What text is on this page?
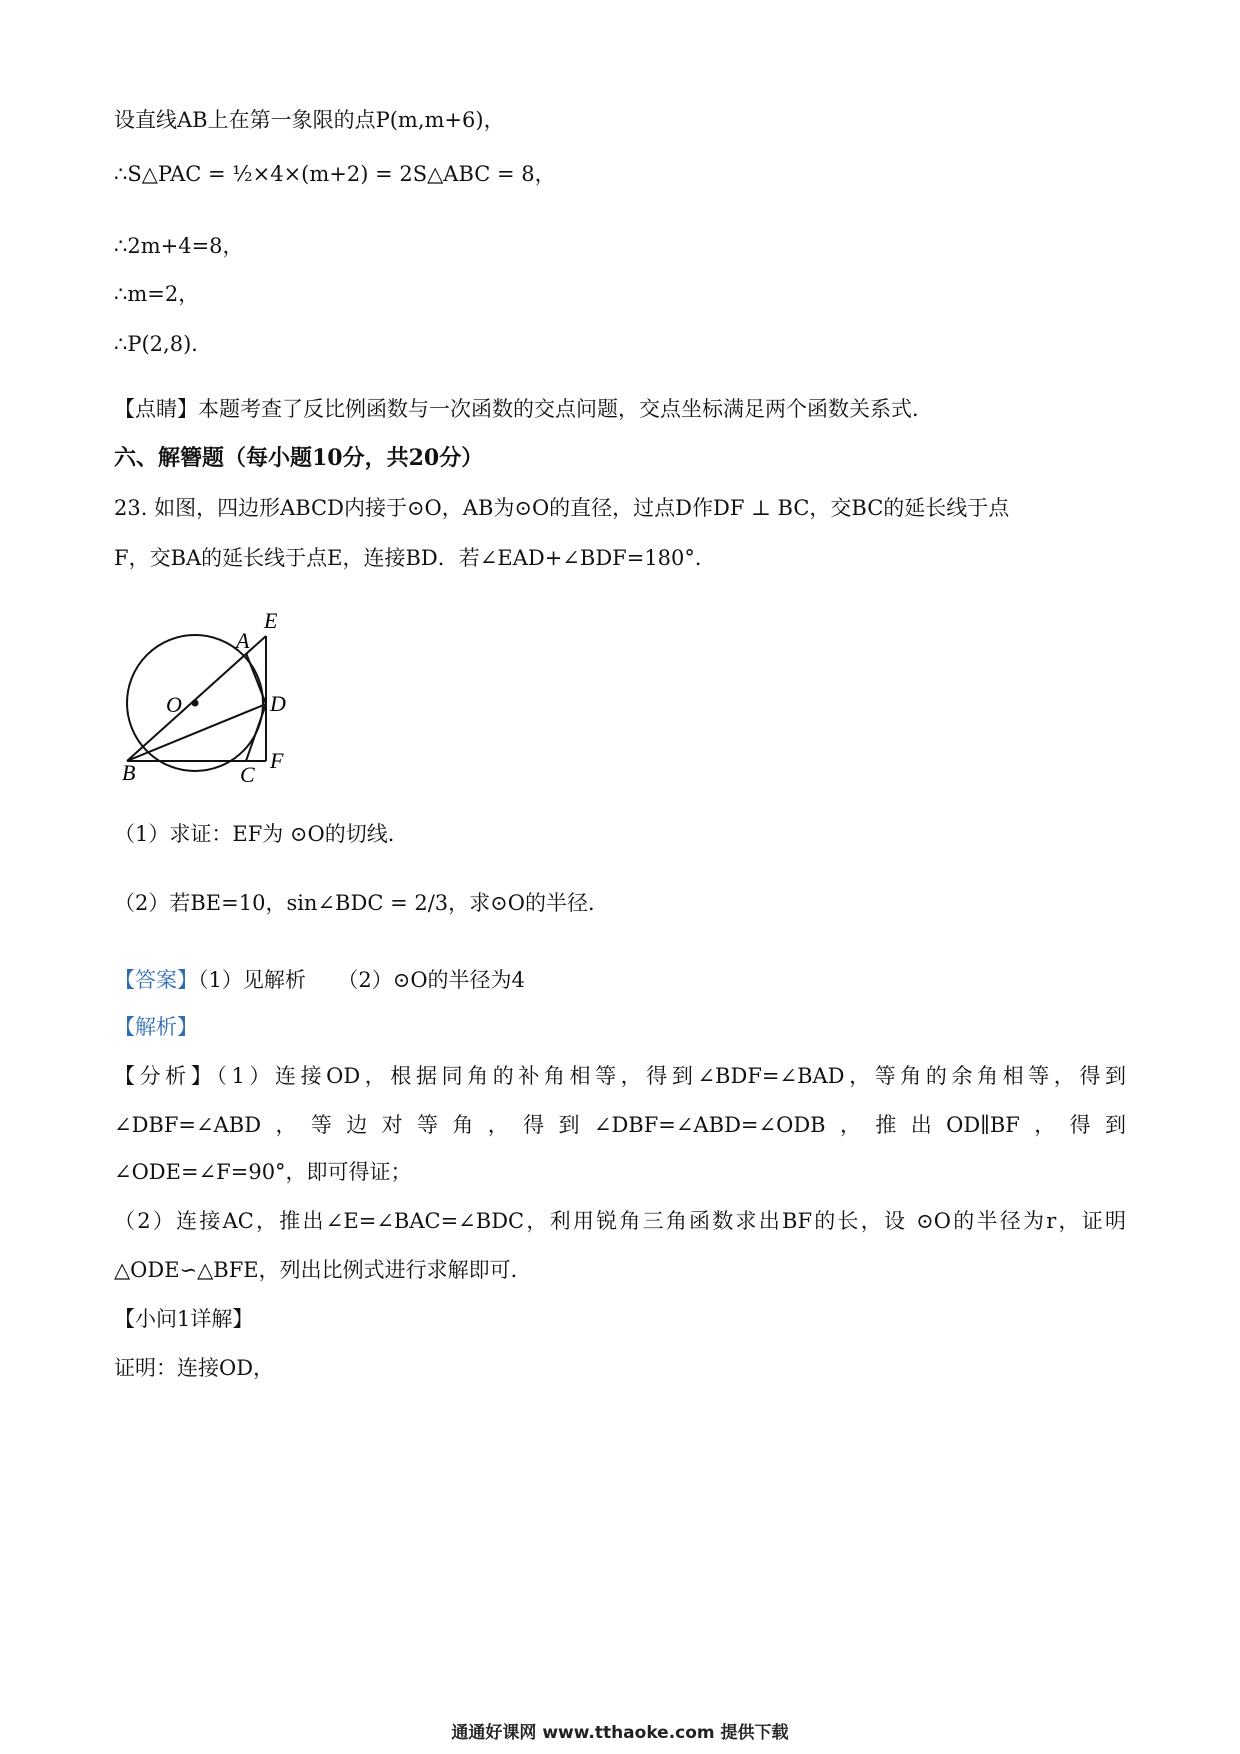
设直线AB上在第一象限的点P(m,m+6)，
∴S△PAC = ½×4×(m+2) = 2S△ABC = 8，
∴2m+4=8，
∴m=2，
∴P(2,8)．
【点睛】本题考查了反比例函数与一次函数的交点问题，交点坐标满足两个函数关系式．
六、解簪题（每小题10分，共20分）
23. 如图，四边形ABCD内接于⊙O，AB为⊙O的直径，过点D作DF ⊥ BC，交BC的延长线于点
F，交BA的延长线于点E，连接BD．若∠EAD+∠BDF=180°．
E
A
O	D
B	C
F
（1）求证：EF为 ⊙O的切线．
（2）若BE=10，sin∠BDC = 2/3，求⊙O的半径．
【答案】（1）见解析　　（2）⊙O的半径为4
【解析】
【分析】（1）连接OD，根据同角的补角相等，得到∠BDF=∠BAD，等角的余角相等，得到
∠DBF=∠ABD，等边对等角，得到∠DBF=∠ABD=∠ODB，推出OD∥BF，得到
∠ODE=∠F=90°，即可得证；
（2）连接AC，推出∠E=∠BAC=∠BDC，利用锐角三角函数求出BF的长，设 ⊙O的半径为r，证明
△ODE∽△BFE，列出比例式进行求解即可．
【小问1详解】
证明：连接OD，
通通好课网 www.tthaoke.com 提供下载
